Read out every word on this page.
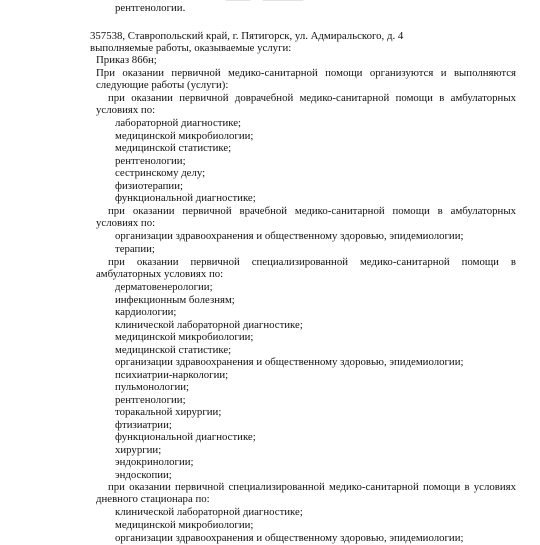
рентгенологии.
357538, Ставропольский край, г. Пятигорск, ул. Адмиральского, д. 4
выполняемые работы, оказываемые услуги:
Приказ 866н;
При оказании первичной медико-санитарной помощи организуются и выполняются
следующие работы (услуги):
при оказании первичной доврачебной медико-санитарной помощи в амбулаторных
условиях по:
лабораторной диагностике;
медицинской микробиологии;
медицинской статистике;
рентгенологии;
сестринскому делу;
физиотерапии;
функциональной диагностике;
при оказании первичной врачебной медико-санитарной помощи в амбулаторных
условиях по:
организации здравоохранения и общественному здоровью, эпидемиологии;
терапии;
при оказании первичной специализированной медико-санитарной помощи в
амбулаторных условиях по:
дерматовенерологии;
инфекционным болезням;
кардиологии;
клинической лабораторной диагностике;
медицинской микробиологии;
медицинской статистике;
организации здравоохранения и общественному здоровью, эпидемиологии;
психиатрии-наркологии;
пульмонологии;
рентгенологии;
торакальной хирургии;
фтизиатрии;
функциональной диагностике;
хирургии;
эндокринологии;
эндоскопии;
при оказании первичной специализированной медико-санитарной помощи в условиях
дневного стационара по:
клинической лабораторной диагностике;
медицинской микробиологии;
организации здравоохранения и общественному здоровью, эпидемиологии;
